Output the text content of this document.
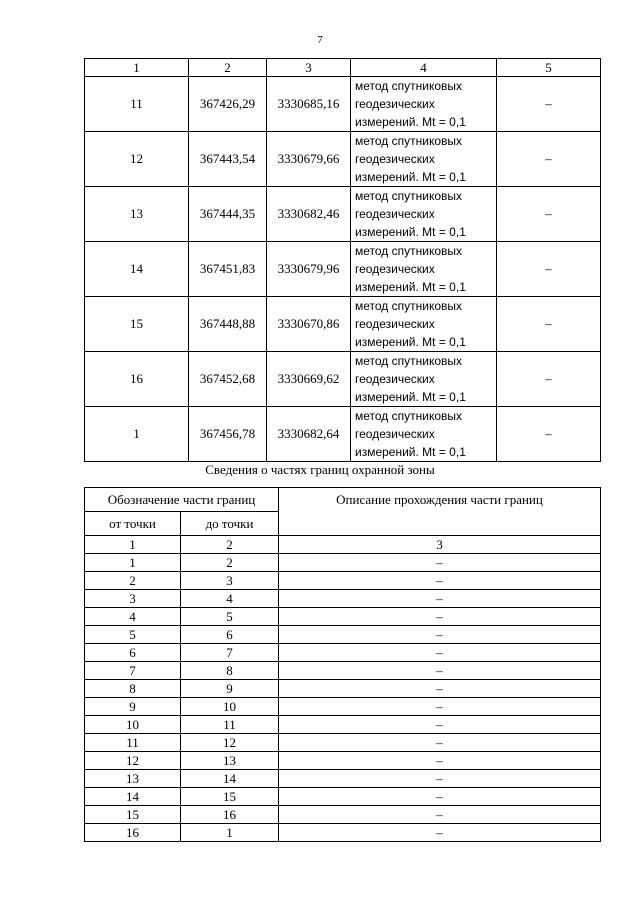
7
1	2	3	4	5
11	367426,29	3330685,16	метод спутниковых
геодезических
измерений. Mt = 0,1	–
12	367443,54	3330679,66	метод спутниковых
геодезических
измерений. Mt = 0,1	–
13	367444,35	3330682,46	метод спутниковых
геодезических
измерений. Mt = 0,1	–
14	367451,83	3330679,96	метод спутниковых
геодезических
измерений. Mt = 0,1	–
15	367448,88	3330670,86	метод спутниковых
геодезических
измерений. Mt = 0,1	–
16	367452,68	3330669,62	метод спутниковых
геодезических
измерений. Mt = 0,1	–
1	367456,78	3330682,64	метод спутниковых
геодезических
измерений. Mt = 0,1	–
Сведения о частях границ охранной зоны
Обозначение части границ		Описание прохождения части границ
от точки	до точки	
1	2	3
1	2	–
2	3	–
3	4	–
4	5	–
5	6	–
6	7	–
7	8	–
8	9	–
9	10	–
10	11	–
11	12	–
12	13	–
13	14	–
14	15	–
15	16	–
16	1	–
